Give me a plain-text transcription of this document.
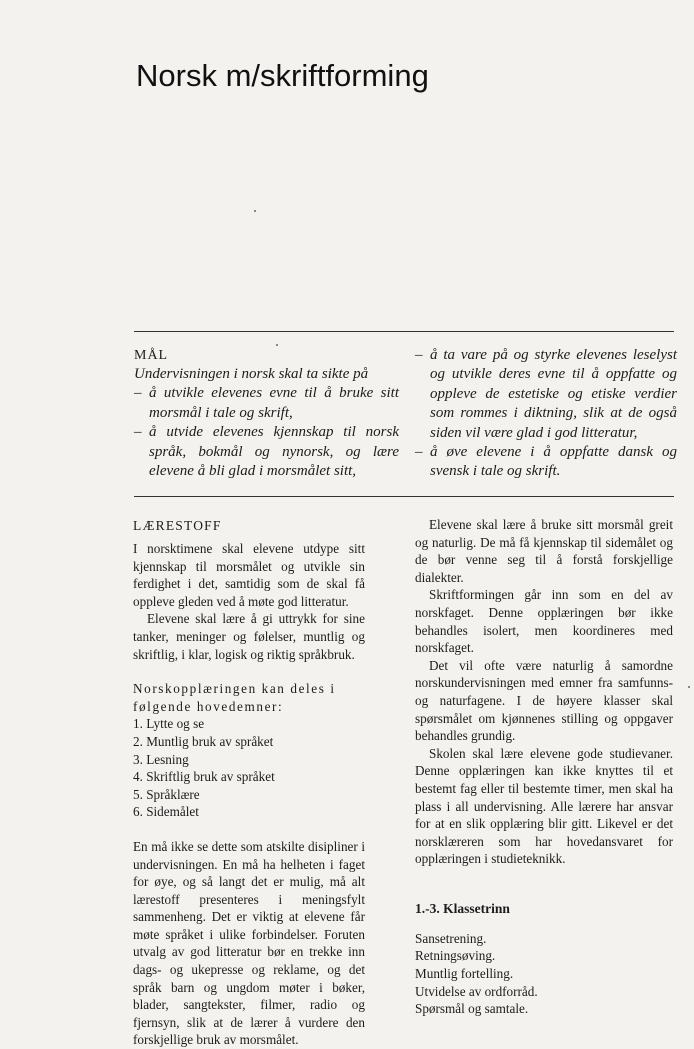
Norsk m/skriftforming
MÅL
Undervisningen i norsk skal ta sikte på
– å utvikle elevenes evne til å bruke sitt morsmål i tale og skrift,
– å utvide elevenes kjennskap til norsk språk, bokmål og nynorsk, og lære elevene å bli glad i morsmålet sitt,
– å ta vare på og styrke elevenes leselyst og utvikle deres evne til å oppfatte og oppleve de estetiske og etiske verdier som rommes i diktning, slik at de også siden vil være glad i god litteratur,
– å øve elevene i å oppfatte dansk og svensk i tale og skrift.
LÆRESTOFF

I norsktimene skal elevene utdype sitt kjennskap til morsmålet og utvikle sin ferdighet i det, samtidig som de skal få oppleve gleden ved å møte god litteratur.

Elevene skal lære å gi uttrykk for sine tanker, meninger og følelser, muntlig og skriftlig, i klar, logisk og riktig språkbruk.

Norskopplæringen kan deles i følgende hovedemner:
1. Lytte og se
2. Muntlig bruk av språket
3. Lesning
4. Skriftlig bruk av språket
5. Språklære
6. Sidemålet

En må ikke se dette som atskilte disipliner i undervisningen. En må ha helheten i faget for øye, og så langt det er mulig, må alt lærestoff presenteres i meningsfylt sammenheng. Det er viktig at elevene får møte språket i ulike forbindelser. Foruten utvalg av god litteratur bør en trekke inn dags- og ukepresse og reklame, og det språk barn og ungdom møter i bøker, blader, sangtekster, filmer, radio og fjernsyn, slik at de lærer å vurdere den forskjellige bruk av morsmålet.

Elevene skal lære å bruke sitt morsmål greit og naturlig. De må få kjennskap til sidemålet og de bør venne seg til å forstå forskjellige dialekter.

Skriftformingen går inn som en del av norskfaget. Denne opplæringen bør ikke behandles isolert, men koordineres med norskfaget.

Det vil ofte være naturlig å samordne norskundervisningen med emner fra samfunns- og naturfagene. I de høyere klasser skal spørsmålet om kjønnenes stilling og oppgaver behandles grundig.

Skolen skal lære elevene gode studievaner. Denne opplæringen kan ikke knyttes til et bestemt fag eller til bestemte timer, men skal ha plass i all undervisning. Alle lærere har ansvar for at en slik opplæring blir gitt. Likevel er det norsklæreren som har hovedansvaret for opplæringen i studieteknikk.

1.-3. Klassetrinn
Sansetrening.
Retningsøving.
Muntlig fortelling.
Utvidelse av ordforråd.
Spørsmål og samtale.
